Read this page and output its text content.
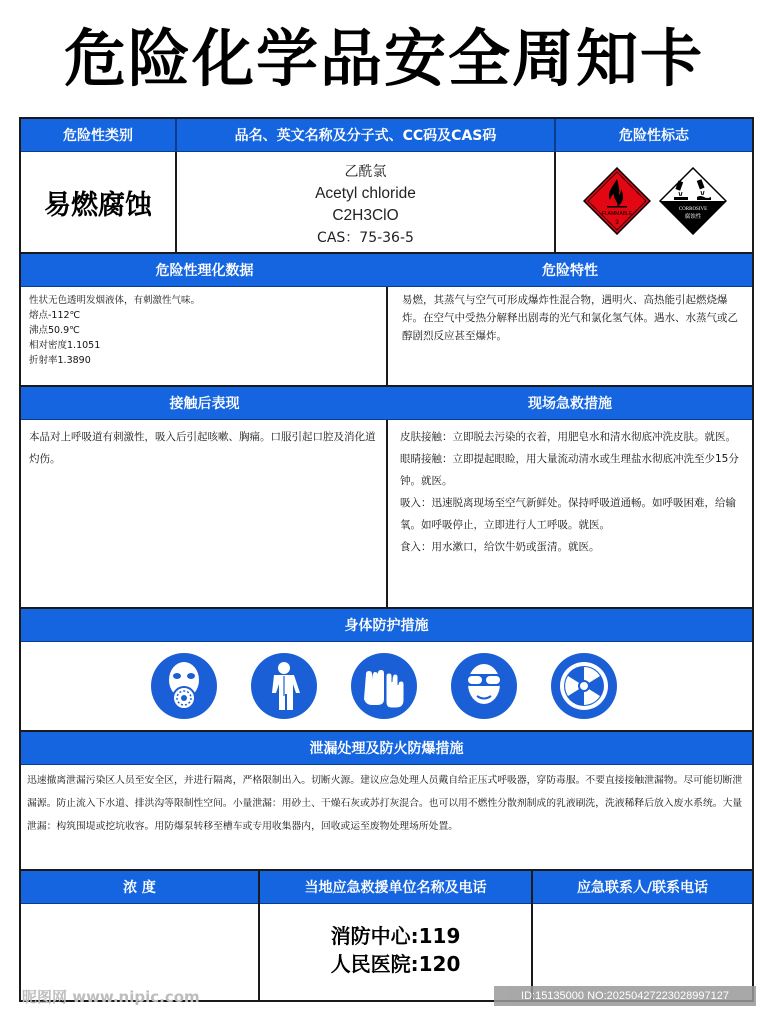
危险化学品安全周知卡
危险性类别	品名、英文名称及分子式、CC码及CAS码	危险性标志
易燃腐蚀
乙酰氯
Acetyl chloride
C2H3ClO
CAS：75-36-5
FLAMMABLE
3
CORROSIVE
腐蚀性
危险性理化数据	危险特性

性状无色透明发烟液体，有刺激性气味。

熔点-112℃

沸点50.9℃

相对密度1.1051

折射率1.3890

易燃，其蒸气与空气可形成爆炸性混合物，遇明火、高热能引起燃烧爆炸。在空气中受热分解释出剧毒的光气和氯化氢气体。遇水、水蒸气或乙醇剧烈反应甚至爆炸。

接触后表现	现场急救措施

本品对上呼吸道有刺激性，吸入后引起咳嗽、胸痛。口服引起口腔及消化道灼伤。

皮肤接触：立即脱去污染的衣着，用肥皂水和清水彻底冲洗皮肤。就医。

眼睛接触：立即提起眼睑，用大量流动清水或生理盐水彻底冲洗至少15分钟。就医。

吸入：迅速脱离现场至空气新鲜处。保持呼吸道通畅。如呼吸困难，给输氧。如呼吸停止，立即进行人工呼吸。就医。

食入：用水漱口，给饮牛奶或蛋清。就医。

身体防护措施
泄漏处理及防火防爆措施

迅速撤离泄漏污染区人员至安全区，并进行隔离，严格限制出入。切断火源。建议应急处理人员戴自给正压式呼吸器，穿防毒服。不要直接接触泄漏物。尽可能切断泄漏源。防止流入下水道、排洪沟等限制性空间。小量泄漏：用砂土、干燥石灰或苏打灰混合。也可以用不燃性分散剂制成的乳液刷洗，洗液稀释后放入废水系统。大量泄漏：构筑围堤或挖坑收容。用防爆泵转移至槽车或专用收集器内，回收或运至废物处理场所处置。

浓 度	当地应急救援单位名称及电话	应急联系人/联系电话
消防中心:119
人民医院:120
昵图网 www.nipic.com	ID:15135000 NO:20250427223028997127
